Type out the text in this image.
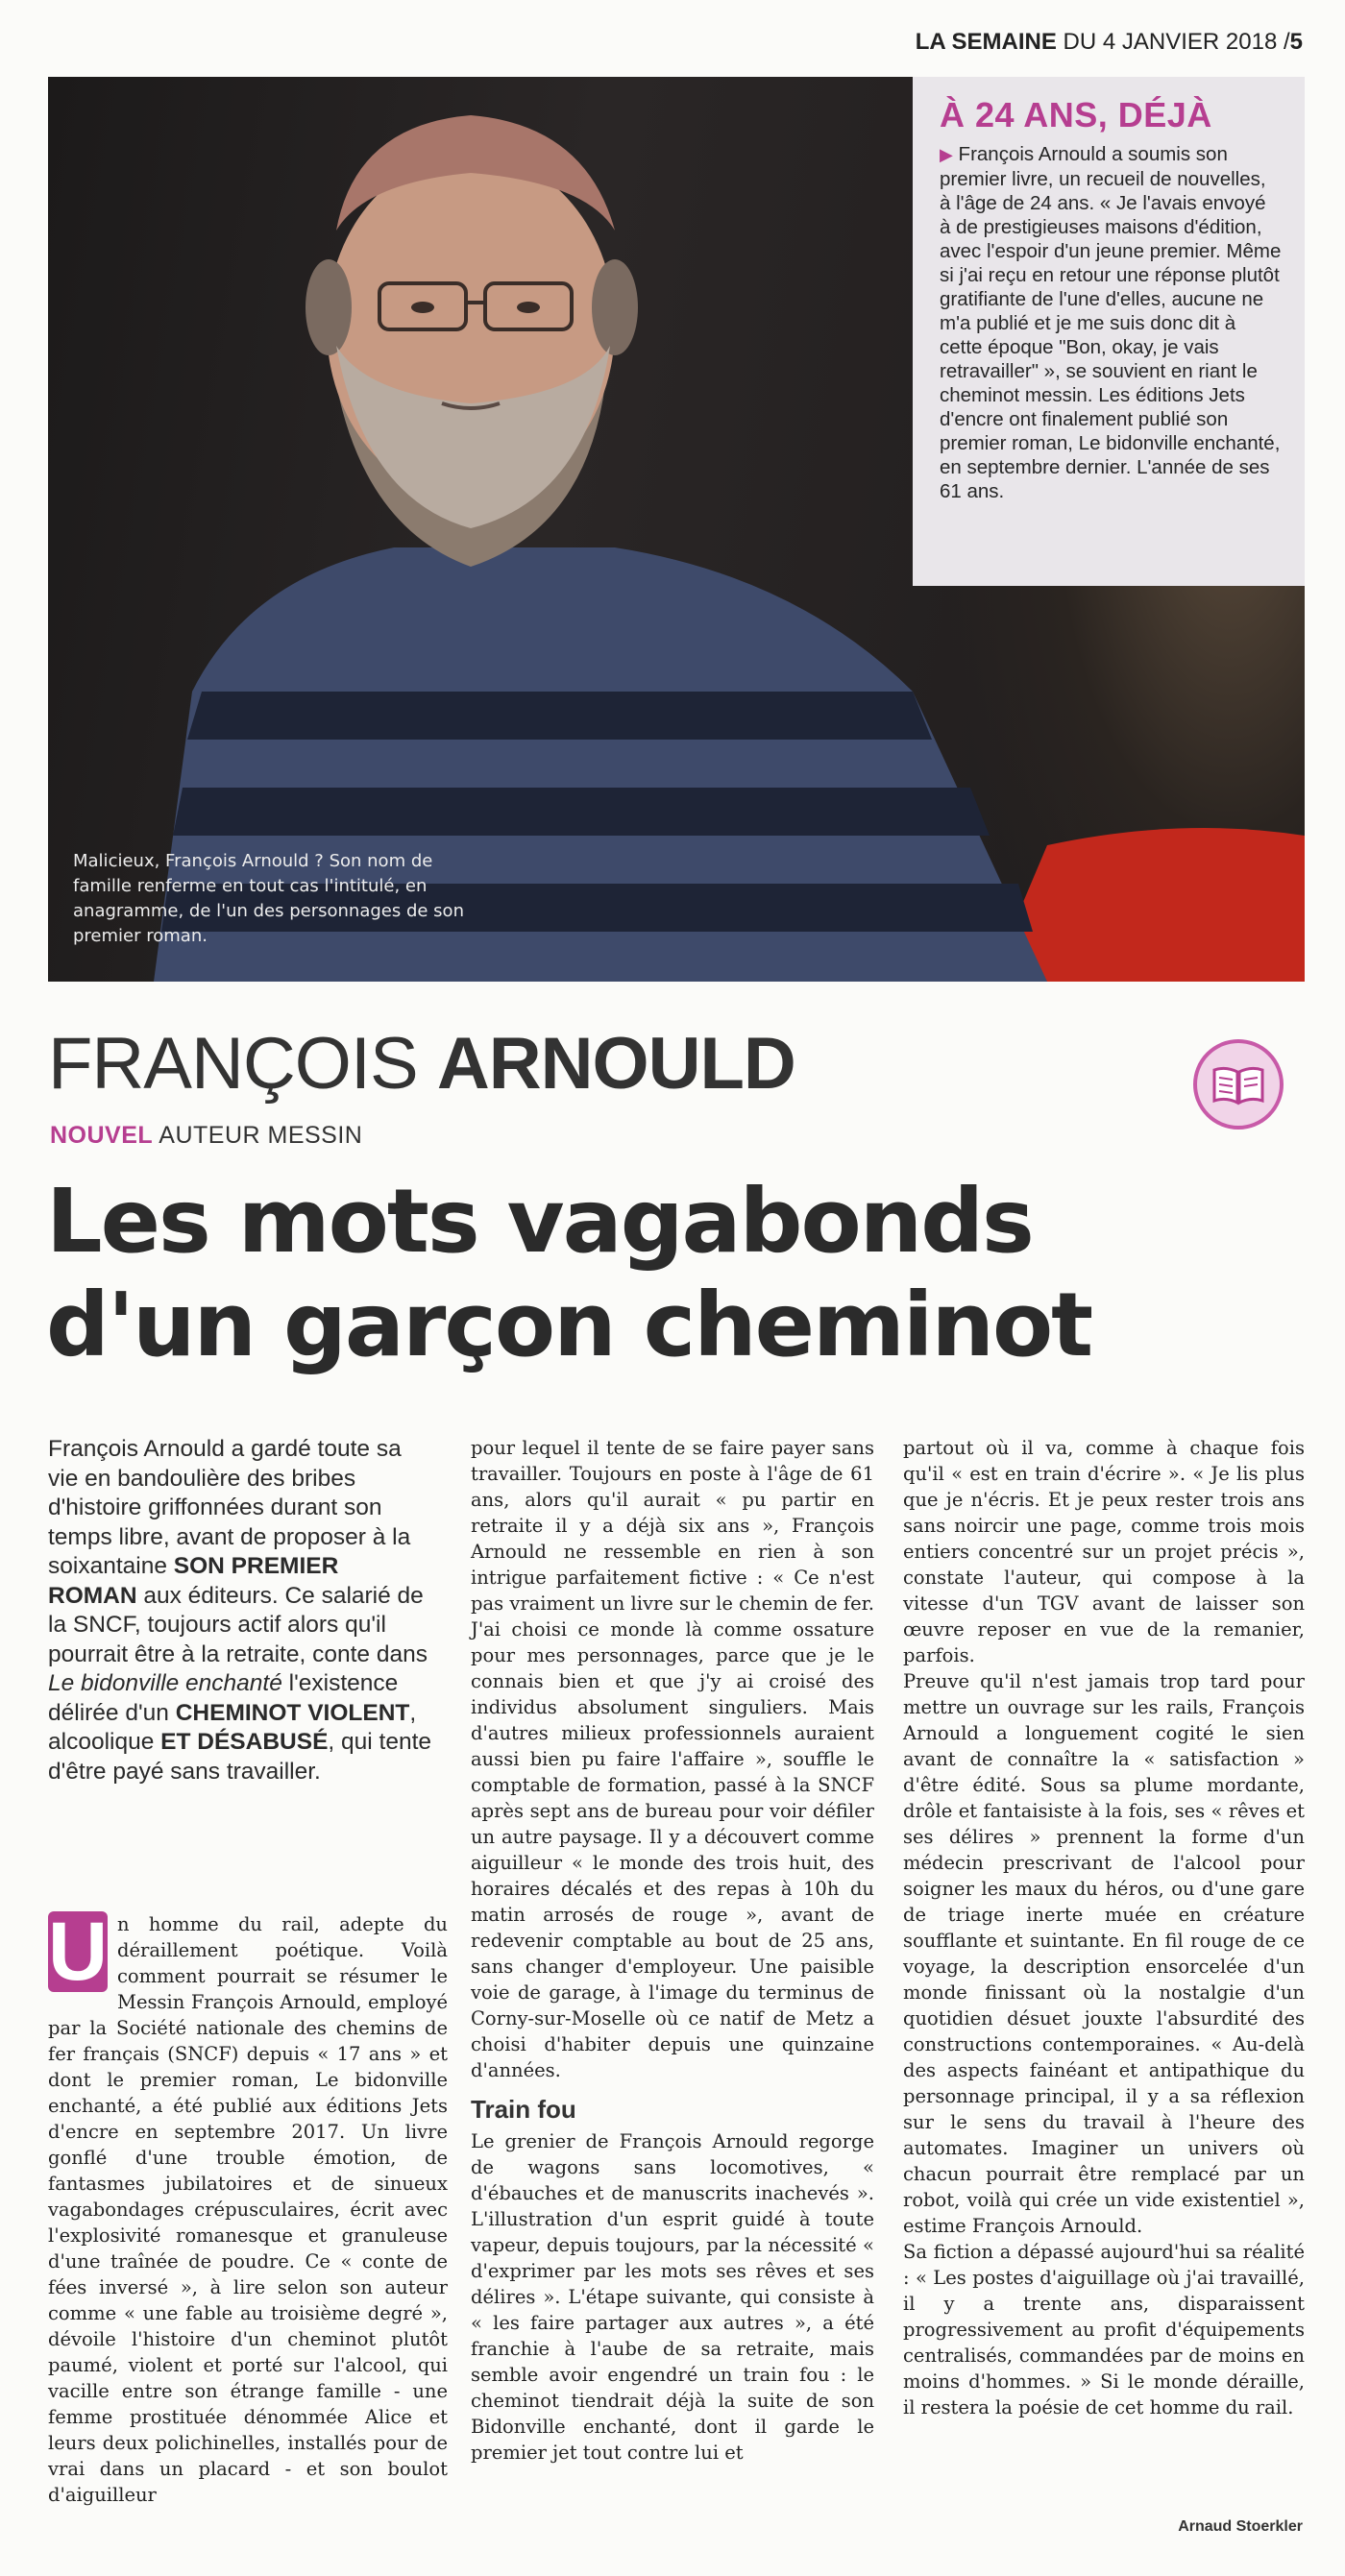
LA SEMAINE DU 4 JANVIER 2018 /5
Malicieux, François Arnould ? Son nom de famille renferme en tout cas l'intitulé, en anagramme, de l'un des personnages de son premier roman.
À 24 ANS, DÉJÀ

▶ François Arnould a soumis son premier livre, un recueil de nouvelles, à l'âge de 24 ans. « Je l'avais envoyé à de prestigieuses maisons d'édition, avec l'espoir d'un jeune premier. Même si j'ai reçu en retour une réponse plutôt gratifiante de l'une d'elles, aucune ne m'a publié et je me suis donc dit à cette époque "Bon, okay, je vais retravailler" », se souvient en riant le cheminot messin. Les éditions Jets d'encre ont finalement publié son premier roman, Le bidonville enchanté, en septembre dernier. L'année de ses 61 ans.

FRANÇOIS ARNOULD
NOUVEL AUTEUR MESSIN
Les mots vagabonds
d'un garçon cheminot

François Arnould a gardé toute sa vie en bandoulière des bribes d'histoire griffonnées durant son temps libre, avant de proposer à la soixantaine SON PREMIER ROMAN aux éditeurs. Ce salarié de la SNCF, toujours actif alors qu'il pourrait être à la retraite, conte dans Le bidonville enchanté l'existence délirée d'un CHEMINOT VIOLENT, alcoolique ET DÉSABUSÉ, qui tente d'être payé sans travailler.

U n homme du rail, adepte du déraillement poétique. Voilà comment pourrait se résumer le Messin François Arnould, employé par la Société nationale des chemins de fer français (SNCF) depuis « 17 ans » et dont le premier roman, Le bidonville enchanté, a été publié aux éditions Jets d'encre en septembre 2017. Un livre gonflé d'une trouble émotion, de fantasmes jubilatoires et de sinueux vagabondages crépusculaires, écrit avec l'explosivité romanesque et granuleuse d'une traînée de poudre. Ce « conte de fées inversé », à lire selon son auteur comme « une fable au troisième degré », dévoile l'histoire d'un cheminot plutôt paumé, violent et porté sur l'alcool, qui vacille entre son étrange famille - une femme prostituée dénommée Alice et leurs deux polichinelles, installés pour de vrai dans un placard - et son boulot d'aiguilleur

pour lequel il tente de se faire payer sans travailler. Toujours en poste à l'âge de 61 ans, alors qu'il aurait « pu partir en retraite il y a déjà six ans », François Arnould ne ressemble en rien à son intrigue parfaitement fictive : « Ce n'est pas vraiment un livre sur le chemin de fer. J'ai choisi ce monde là comme ossature pour mes personnages, parce que je le connais bien et que j'y ai croisé des individus absolument singuliers. Mais d'autres milieux professionnels auraient aussi bien pu faire l'affaire », souffle le comptable de formation, passé à la SNCF après sept ans de bureau pour voir défiler un autre paysage. Il y a découvert comme aiguilleur « le monde des trois huit, des horaires décalés et des repas à 10h du matin arrosés de rouge », avant de redevenir comptable au bout de 25 ans, sans changer d'employeur. Une paisible voie de garage, à l'image du terminus de Corny-sur-Moselle où ce natif de Metz a choisi d'habiter depuis une quinzaine d'années.

Train fou

Le grenier de François Arnould regorge de wagons sans locomotives, « d'ébauches et de manuscrits inachevés ». L'illustration d'un esprit guidé à toute vapeur, depuis toujours, par la nécessité « d'exprimer par les mots ses rêves et ses délires ». L'étape suivante, qui consiste à « les faire partager aux autres », a été franchie à l'aube de sa retraite, mais semble avoir engendré un train fou : le cheminot tiendrait déjà la suite de son Bidonville enchanté, dont il garde le premier jet tout contre lui et

partout où il va, comme à chaque fois qu'il « est en train d'écrire ». « Je lis plus que je n'écris. Et je peux rester trois ans sans noircir une page, comme trois mois entiers concentré sur un projet précis », constate l'auteur, qui compose à la vitesse d'un TGV avant de laisser son œuvre reposer en vue de la remanier, parfois.

Preuve qu'il n'est jamais trop tard pour mettre un ouvrage sur les rails, François Arnould a longuement cogité le sien avant de connaître la « satisfaction » d'être édité. Sous sa plume mordante, drôle et fantaisiste à la fois, ses « rêves et ses délires » prennent la forme d'un médecin prescrivant de l'alcool pour soigner les maux du héros, ou d'une gare de triage inerte muée en créature soufflante et suintante. En fil rouge de ce voyage, la description ensorcelée d'un monde finissant où la nostalgie d'un quotidien désuet jouxte l'absurdité des constructions contemporaines. « Au-delà des aspects fainéant et antipathique du personnage principal, il y a sa réflexion sur le sens du travail à l'heure des automates. Imaginer un univers où chacun pourrait être remplacé par un robot, voilà qui crée un vide existentiel », estime François Arnould.

Sa fiction a dépassé aujourd'hui sa réalité : « Les postes d'aiguillage où j'ai travaillé, il y a trente ans, disparaissent progressivement au profit d'équipements centralisés, commandées par de moins en moins d'hommes. » Si le monde déraille, il restera la poésie de cet homme du rail.

Arnaud Stoerkler
